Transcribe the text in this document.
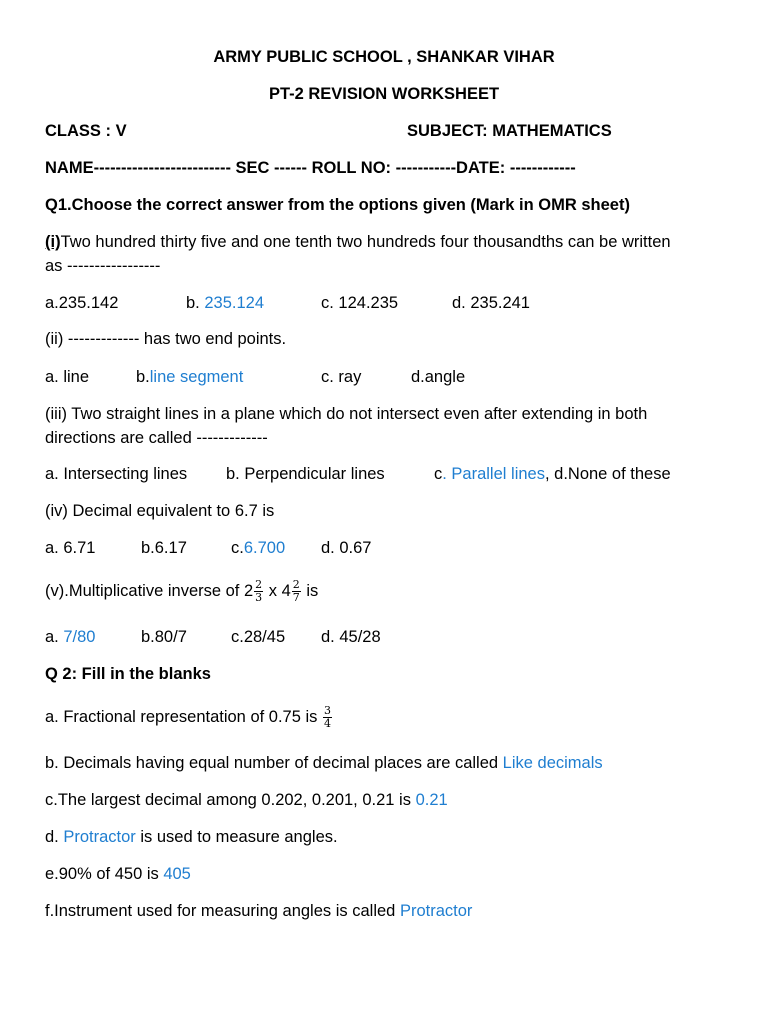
ARMY PUBLIC SCHOOL , SHANKAR VIHAR
PT-2 REVISION WORKSHEET
CLASS : V	SUBJECT: MATHEMATICS
NAME------------------------- SEC ------ ROLL NO: -----------DATE: ------------
Q1.Choose the correct answer from the options given (Mark in OMR sheet)
(i)Two hundred thirty five and one tenth two hundreds four thousandths can be written
as -----------------
a.235.142	b. 235.124	c. 124.235	d. 235.241
(ii) ------------- has two end points.
a. line	b.line segment	c. ray	d.angle
(iii) Two straight lines in a plane which do not intersect even after extending in both
directions are called -------------
a. Intersecting lines b. Perpendicular lines	c. Parallel lines, d.None of these
(iv) Decimal equivalent to 6.7 is
a. 6.71	b.6.17	c.6.700 d. 0.67
(v).Multiplicative inverse of $2 \frac{2}{3}$ x $4 \frac{2}{7}$ is
a. 7/80	b.80/7	c.28/45 d. 45/28
Q 2: Fill in the blanks
a. Fractional representation of 0.75 is $\frac{3}{4}$
b. Decimals having equal number of decimal places are called Like decimals
c.The largest decimal among 0.202, 0.201, 0.21 is 0.21
d. Protractor is used to measure angles.
e.90% of 450 is 405
f.Instrument used for measuring angles is called Protractor
